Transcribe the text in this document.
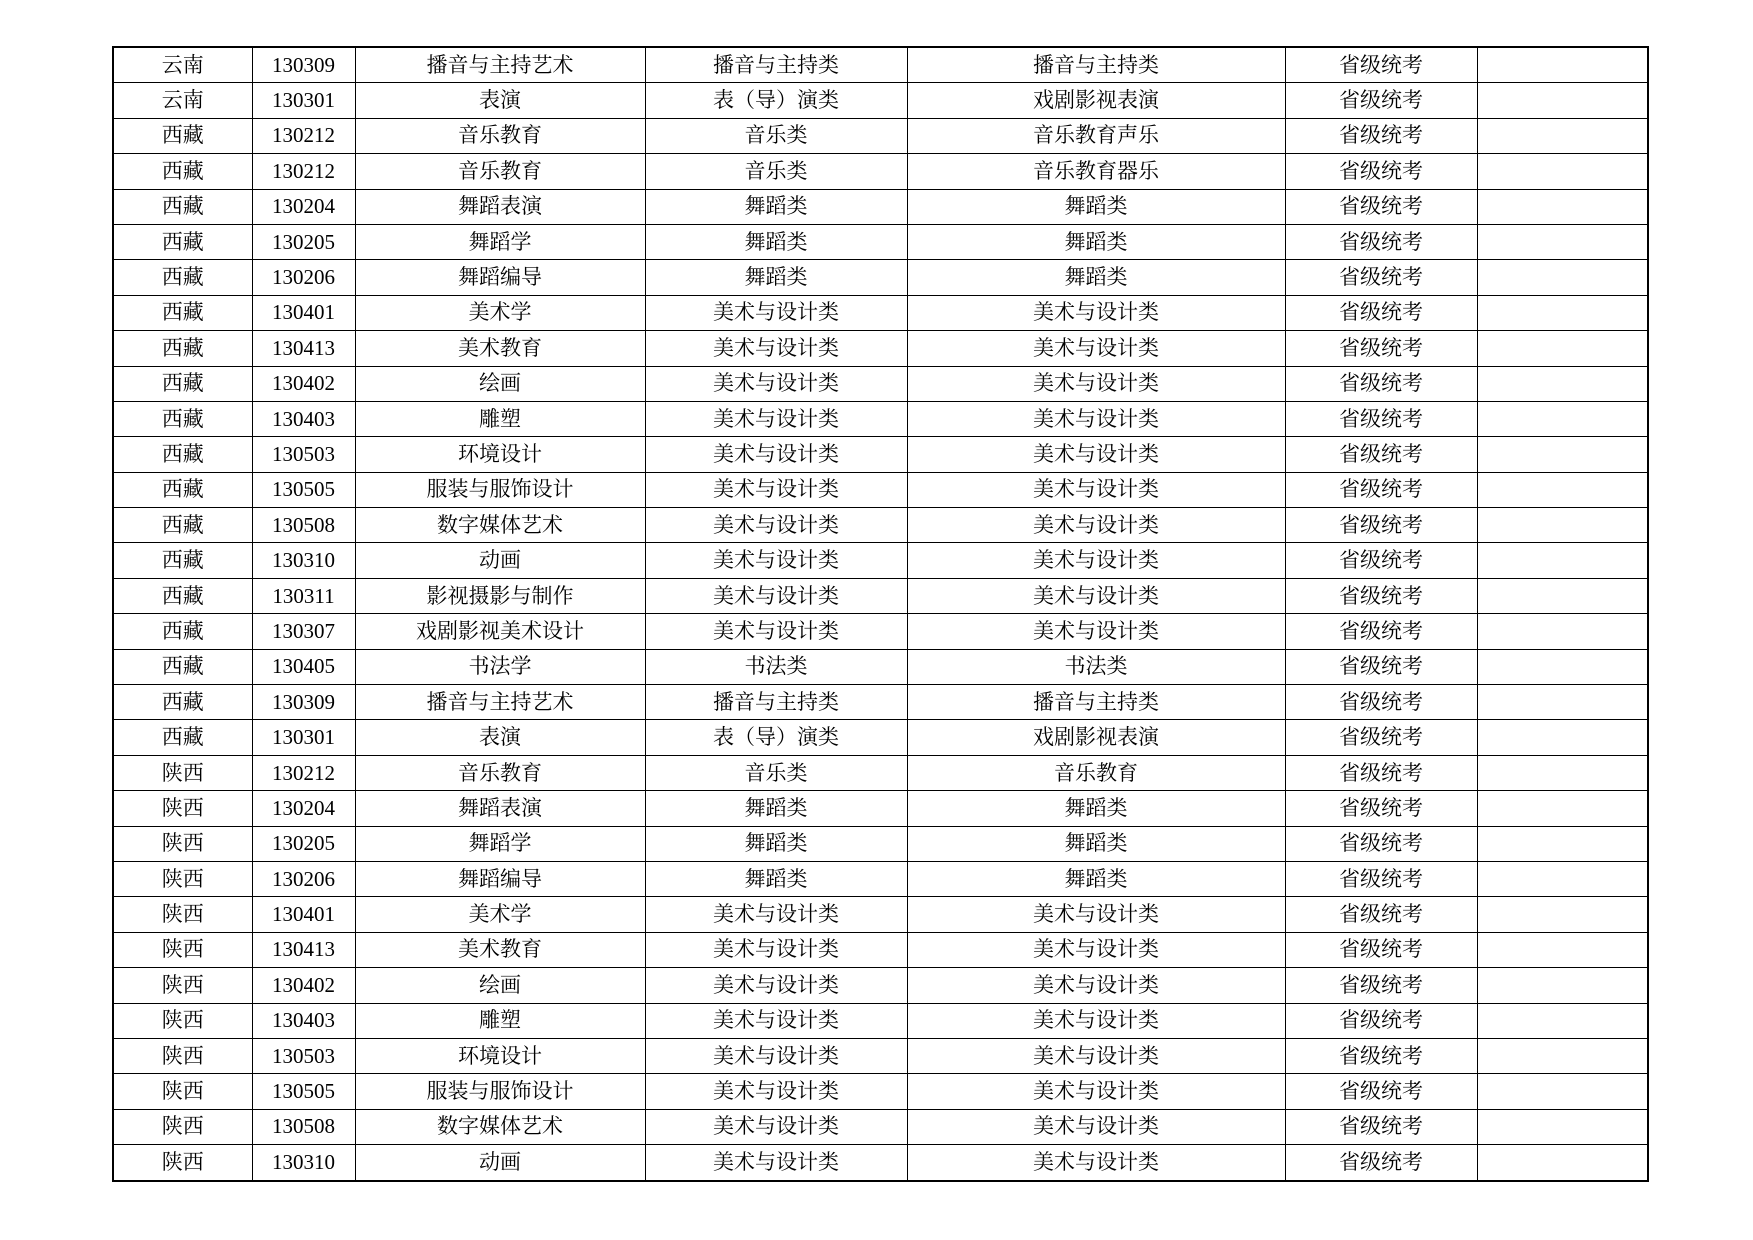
云南	130309	播音与主持艺术	播音与主持类	播音与主持类	省级统考	
云南	130301	表演	表（导）演类	戏剧影视表演	省级统考	
西藏	130212	音乐教育	音乐类	音乐教育声乐	省级统考	
西藏	130212	音乐教育	音乐类	音乐教育器乐	省级统考	
西藏	130204	舞蹈表演	舞蹈类	舞蹈类	省级统考	
西藏	130205	舞蹈学	舞蹈类	舞蹈类	省级统考	
西藏	130206	舞蹈编导	舞蹈类	舞蹈类	省级统考	
西藏	130401	美术学	美术与设计类	美术与设计类	省级统考	
西藏	130413	美术教育	美术与设计类	美术与设计类	省级统考	
西藏	130402	绘画	美术与设计类	美术与设计类	省级统考	
西藏	130403	雕塑	美术与设计类	美术与设计类	省级统考	
西藏	130503	环境设计	美术与设计类	美术与设计类	省级统考	
西藏	130505	服装与服饰设计	美术与设计类	美术与设计类	省级统考	
西藏	130508	数字媒体艺术	美术与设计类	美术与设计类	省级统考	
西藏	130310	动画	美术与设计类	美术与设计类	省级统考	
西藏	130311	影视摄影与制作	美术与设计类	美术与设计类	省级统考	
西藏	130307	戏剧影视美术设计	美术与设计类	美术与设计类	省级统考	
西藏	130405	书法学	书法类	书法类	省级统考	
西藏	130309	播音与主持艺术	播音与主持类	播音与主持类	省级统考	
西藏	130301	表演	表（导）演类	戏剧影视表演	省级统考	
陕西	130212	音乐教育	音乐类	音乐教育	省级统考	
陕西	130204	舞蹈表演	舞蹈类	舞蹈类	省级统考	
陕西	130205	舞蹈学	舞蹈类	舞蹈类	省级统考	
陕西	130206	舞蹈编导	舞蹈类	舞蹈类	省级统考	
陕西	130401	美术学	美术与设计类	美术与设计类	省级统考	
陕西	130413	美术教育	美术与设计类	美术与设计类	省级统考	
陕西	130402	绘画	美术与设计类	美术与设计类	省级统考	
陕西	130403	雕塑	美术与设计类	美术与设计类	省级统考	
陕西	130503	环境设计	美术与设计类	美术与设计类	省级统考	
陕西	130505	服装与服饰设计	美术与设计类	美术与设计类	省级统考	
陕西	130508	数字媒体艺术	美术与设计类	美术与设计类	省级统考	
陕西	130310	动画	美术与设计类	美术与设计类	省级统考	
